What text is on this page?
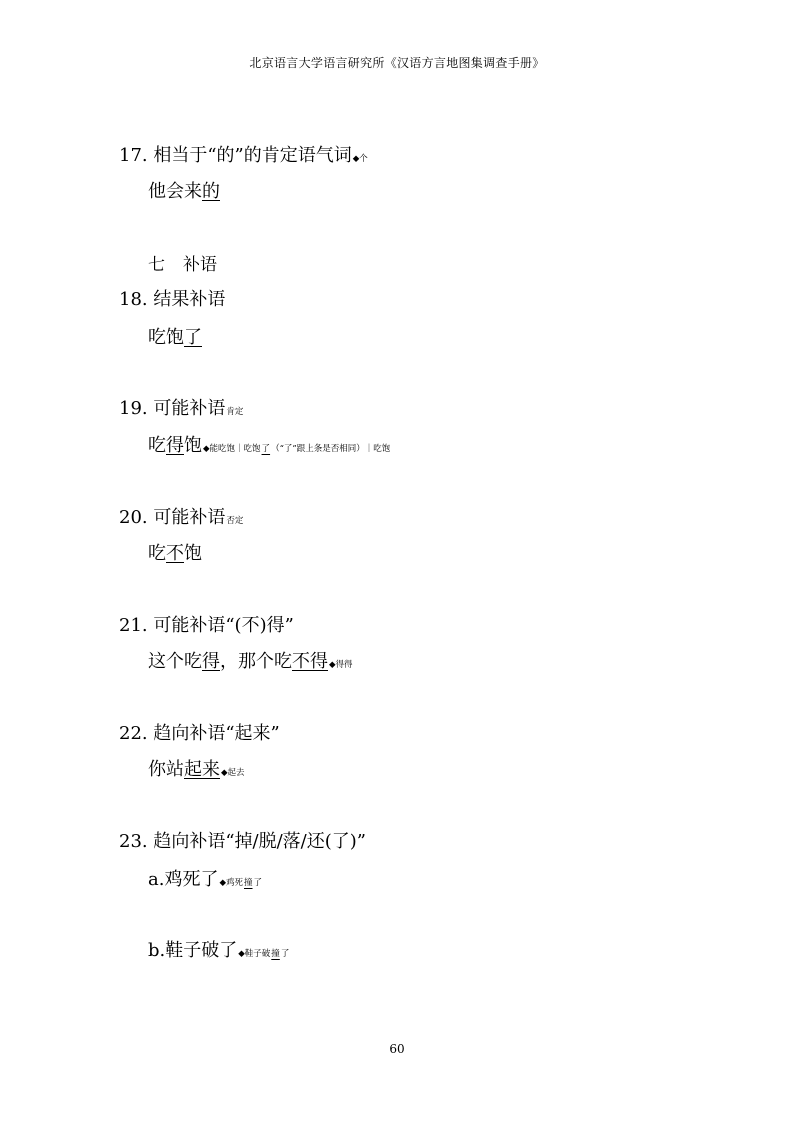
北京语言大学语言研究所《汉语方言地图集调查手册》
17. 相当于“的”的肯定语气词◆个
他会来的
七 补语
18. 结果补语
吃饱了
19. 可能补语肯定
吃得饱◆能吃饱｜吃饱了（“了”跟上条是否相同）｜吃饱
20. 可能补语否定
吃不饱
21. 可能补语“(不)得”
这个吃得，那个吃不得◆得得
22. 趋向补语“起来”
你站起来◆起去
23. 趋向补语“掉/脱/落/还(了)”
a.鸡死了◆鸡死撞了
b.鞋子破了◆鞋子破撞了
60
